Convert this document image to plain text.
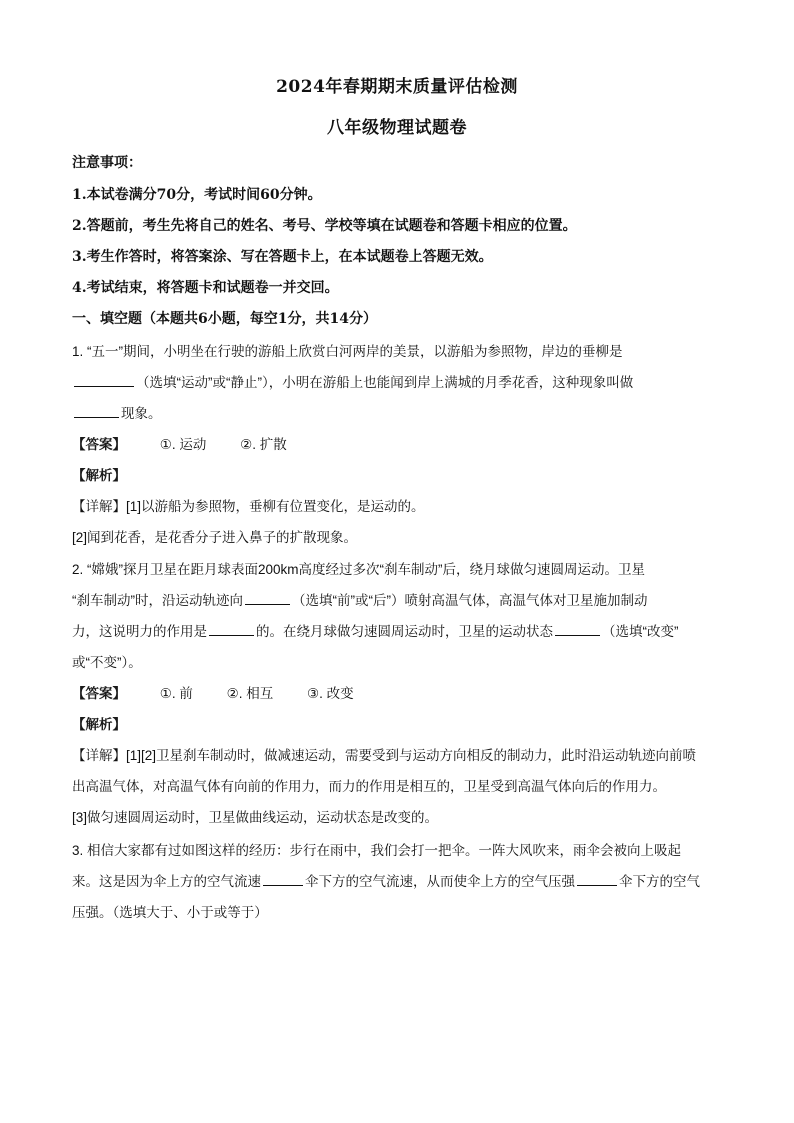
2024年春期期末质量评估检测
八年级物理试题卷
注意事项：
1.本试卷满分70分，考试时间60分钟。
2.答题前，考生先将自己的姓名、考号、学校等填在试题卷和答题卡相应的位置。
3.考生作答时，将答案涂、写在答题卡上，在本试题卷上答题无效。
4.考试结束，将答题卡和试题卷一并交回。
一、填空题（本题共6小题，每空1分，共14分）
1. “五一”期间，小明坐在行驶的游船上欣赏白河两岸的美景，以游船为参照物，岸边的垂柳是
（选填“运动”或“静止”），小明在游船上也能闻到岸上满城的月季花香，这种现象叫做
现象。
【答案】	①. 运动	②. 扩散
【解析】
【详解】[1]以游船为参照物，垂柳有位置变化，是运动的。
[2]闻到花香，是花香分子进入鼻子的扩散现象。
2. “嫦娥”探月卫星在距月球表面200km高度经过多次“刹车制动”后，绕月球做匀速圆周运动。卫星
“刹车制动”时，沿运动轨迹向	（选填“前”或“后”）喷射高温气体，高温气体对卫星施加制动
力，这说明力的作用是	的。在绕月球做匀速圆周运动时，卫星的运动状态	（选填“改变”
或“不变”）。
【答案】	①. 前	②. 相互	③. 改变
【解析】
【详解】[1][2]卫星刹车制动时，做减速运动，需要受到与运动方向相反的制动力，此时沿运动轨迹向前喷
出高温气体，对高温气体有向前的作用力，而力的作用是相互的，卫星受到高温气体向后的作用力。
[3]做匀速圆周运动时，卫星做曲线运动，运动状态是改变的。
3. 相信大家都有过如图这样的经历：步行在雨中，我们会打一把伞。一阵大风吹来，雨伞会被向上吸起
来。这是因为伞上方的空气流速	伞下方的空气流速，从而使伞上方的空气压强	伞下方的空气
压强。（选填大于、小于或等于）
